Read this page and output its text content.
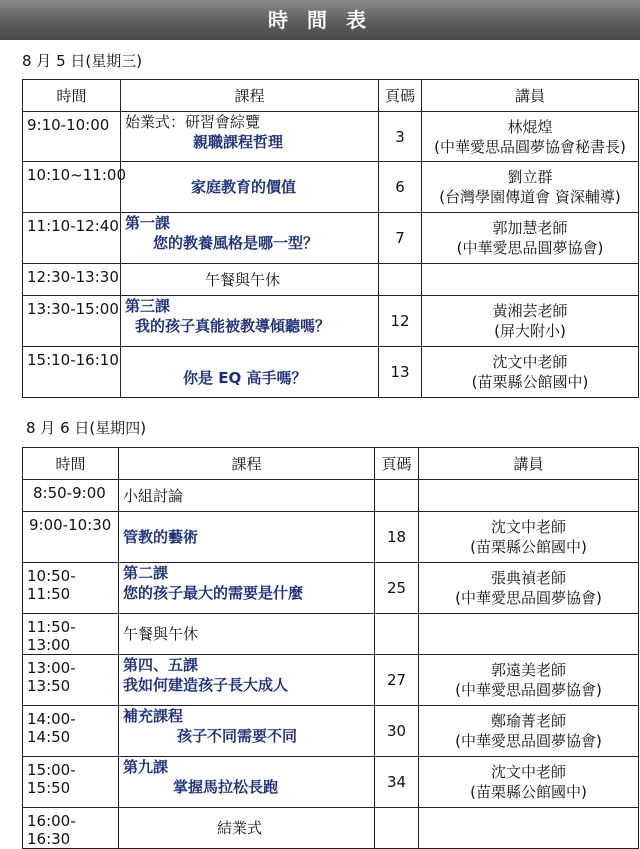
時 間 表
8 月 5 日(星期三)
時間	課程	頁碼	講員
9:10-10:00	始業式：研習會綜覽
親職課程哲理	3	林焜煌
(中華愛思品圓夢協會秘書長)

10:10~11:00	家庭教育的價值	6	劉立群
(台灣學園傳道會 資深輔導)

11:10-12:40	第一課
您的教養風格是哪一型？	7	郭加慧老師
(中華愛思品圓夢協會)

12:30-13:30	午餐與午休		

13:30-15:00	第三課
我的孩子真能被教導傾聽嗎？	12	黃湘芸老師
(屏大附小)

15:10-16:10	你是 EQ 高手嗎？	13	沈文中老師
(苗栗縣公館國中)
8 月 6 日(星期四)
時間	課程	頁碼	講員
8:50-9:00	小組討論		

9:00-10:30	管教的藝術	18	沈文中老師
(苗栗縣公館國中)

10:50-11:50	第二課
您的孩子最大的需要是什麼	25	張典禎老師
(中華愛思品圓夢協會)

11:50-13:00	午餐與午休		

13:00-13:50	第四、五課
我如何建造孩子長大成人	27	郭遠美老師
(中華愛思品圓夢協會)

14:00-14:50	補充課程
孩子不同需要不同	30	鄭瑜菁老師
(中華愛思品圓夢協會)

15:00-15:50	第九課
掌握馬拉松長跑	34	沈文中老師
(苗栗縣公館國中)

16:00-16:30	結業式		
